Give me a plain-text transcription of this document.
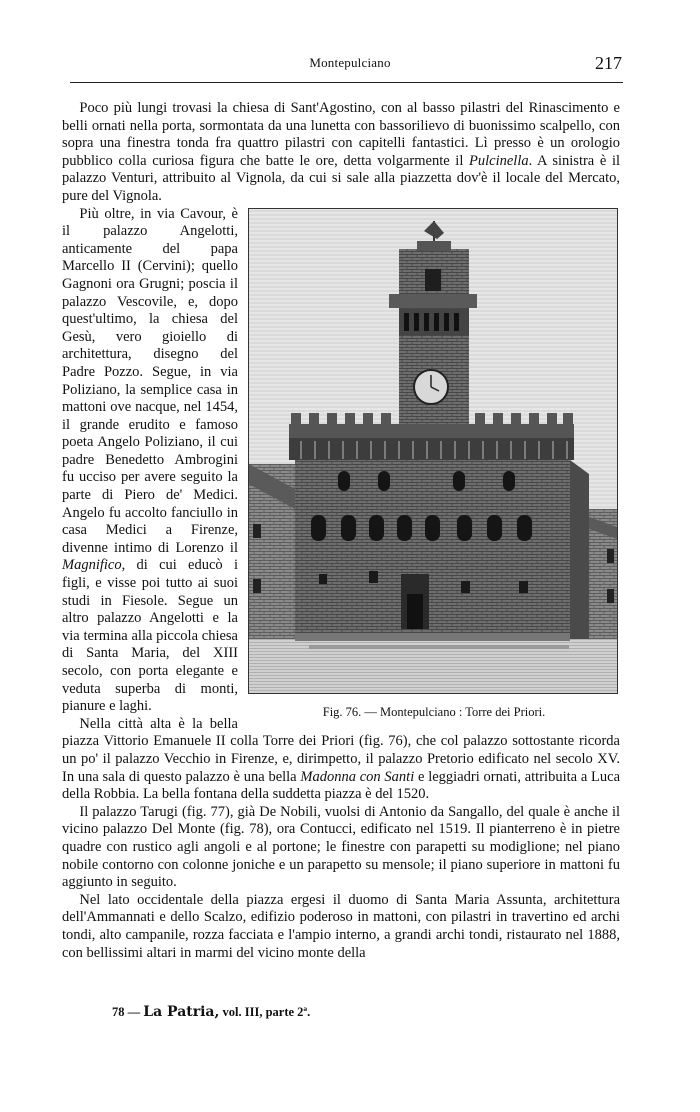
Montepulciano	217

Poco più lungi trovasi la chiesa di Sant'Agostino, con al basso pilastri del Rinascimento e belli ornati nella porta, sormontata da una lunetta con bassorilievo di buonissimo scalpello, con sopra una finestra tonda fra quattro pilastri con capitelli fantastici. Lì presso è un orologio pubblico colla curiosa figura che batte le ore, detta volgarmente il Pulcinella. A sinistra è il palazzo Venturi, attribuito al Vignola, da cui si sale alla piazzetta dov'è il locale del Mercato, pure del Vignola.

Fig. 76. — Montepulciano : Torre dei Priori.

Più oltre, in via Cavour, è il palazzo Angelotti, anticamente del papa Marcello II (Cervini); quello Gagnoni ora Grugni; poscia il palazzo Vescovile, e, dopo quest'ultimo, la chiesa del Gesù, vero gioiello di architettura, disegno del Padre Pozzo. Segue, in via Poliziano, la semplice casa in mattoni ove nacque, nel 1454, il grande erudito e famoso poeta Angelo Poliziano, il cui padre Benedetto Ambrogini fu ucciso per avere seguito la parte di Piero de' Medici. Angelo fu accolto fanciullo in casa Medici a Firenze, divenne intimo di Lorenzo il Magnifico, di cui educò i figli, e visse poi tutto ai suoi studi in Fiesole. Segue un altro palazzo Angelotti e la via termina alla piccola chiesa di Santa Maria, del XIII secolo, con porta elegante e veduta superba di monti, pianure e laghi.

Nella città alta è la bella piazza Vittorio Emanuele II colla Torre dei Priori (fig. 76), che col palazzo sottostante ricorda un po' il palazzo Vecchio in Firenze, e, dirimpetto, il palazzo Pretorio edificato nel secolo XV. In una sala di questo palazzo è una bella Madonna con Santi e leggiadri ornati, attribuita a Luca della Robbia. La bella fontana della suddetta piazza è del 1520.

Il palazzo Tarugi (fig. 77), già De Nobili, vuolsi di Antonio da Sangallo, del quale è anche il vicino palazzo Del Monte (fig. 78), ora Contucci, edificato nel 1519. Il pianterreno è in pietre quadre con rustico agli angoli e al portone; le finestre con parapetti su modiglione; nel piano nobile contorno con colonne joniche e un parapetto su mensole; il piano superiore in mattoni fu aggiunto in seguito.

Nel lato occidentale della piazza ergesi il duomo di Santa Maria Assunta, architettura dell'Ammannati e dello Scalzo, edifizio poderoso in mattoni, con pilastri in travertino ed archi tondi, alto campanile, rozza facciata e l'ampio interno, a grandi archi tondi, ristaurato nel 1888, con bellissimi altari in marmi del vicino monte della

78 — La Patria, vol. III, parte 2ª.
